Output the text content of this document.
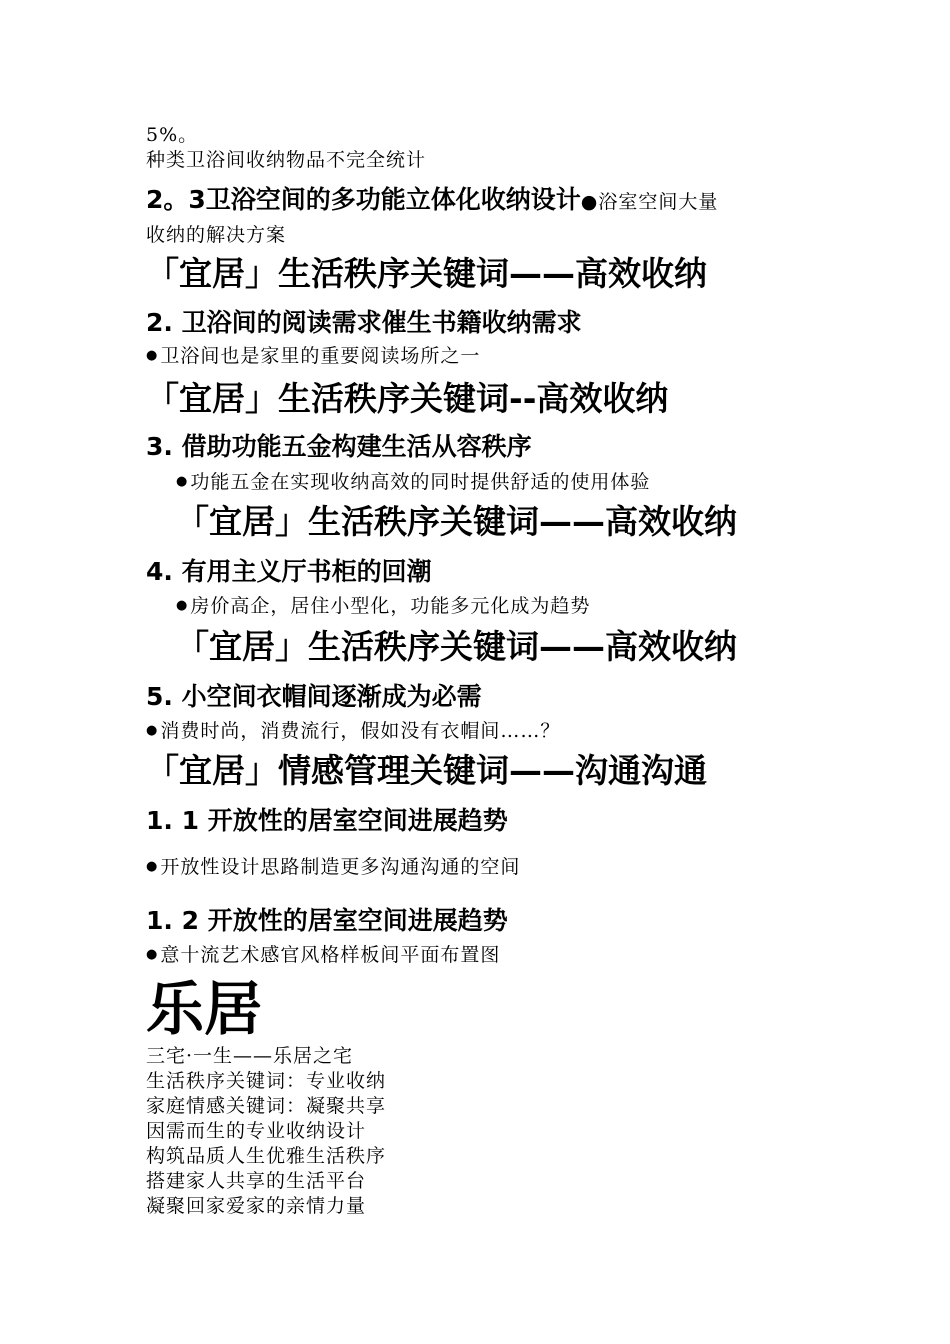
5%。
种类卫浴间收纳物品不完全统计
2。3卫浴空间的多功能立体化收纳设计●浴室空间大量
收纳的解决方案
「宜居」生活秩序关键词——高效收纳
2. 卫浴间的阅读需求催生书籍收纳需求
● 卫浴间也是家里的重要阅读场所之一
「宜居」生活秩序关键词--高效收纳
3. 借助功能五金构建生活从容秩序
● 功能五金在实现收纳高效的同时提供舒适的使用体验
「宜居」生活秩序关键词——高效收纳
4. 有用主义厅书柜的回潮
● 房价高企，居住小型化，功能多元化成为趋势
「宜居」生活秩序关键词——高效收纳
5. 小空间衣帽间逐渐成为必需
● 消费时尚，消费流行，假如没有衣帽间……？
「宜居」情感管理关键词——沟通沟通
1. 1 开放性的居室空间进展趋势
● 开放性设计思路制造更多沟通沟通的空间
1. 2 开放性的居室空间进展趋势
● 意十流艺术感官风格样板间平面布置图
乐居
三宅·一生——乐居之宅
生活秩序关键词：专业收纳
家庭情感关键词：凝聚共享
因需而生的专业收纳设计
构筑品质人生优雅生活秩序
搭建家人共享的生活平台
凝聚回家爱家的亲情力量
